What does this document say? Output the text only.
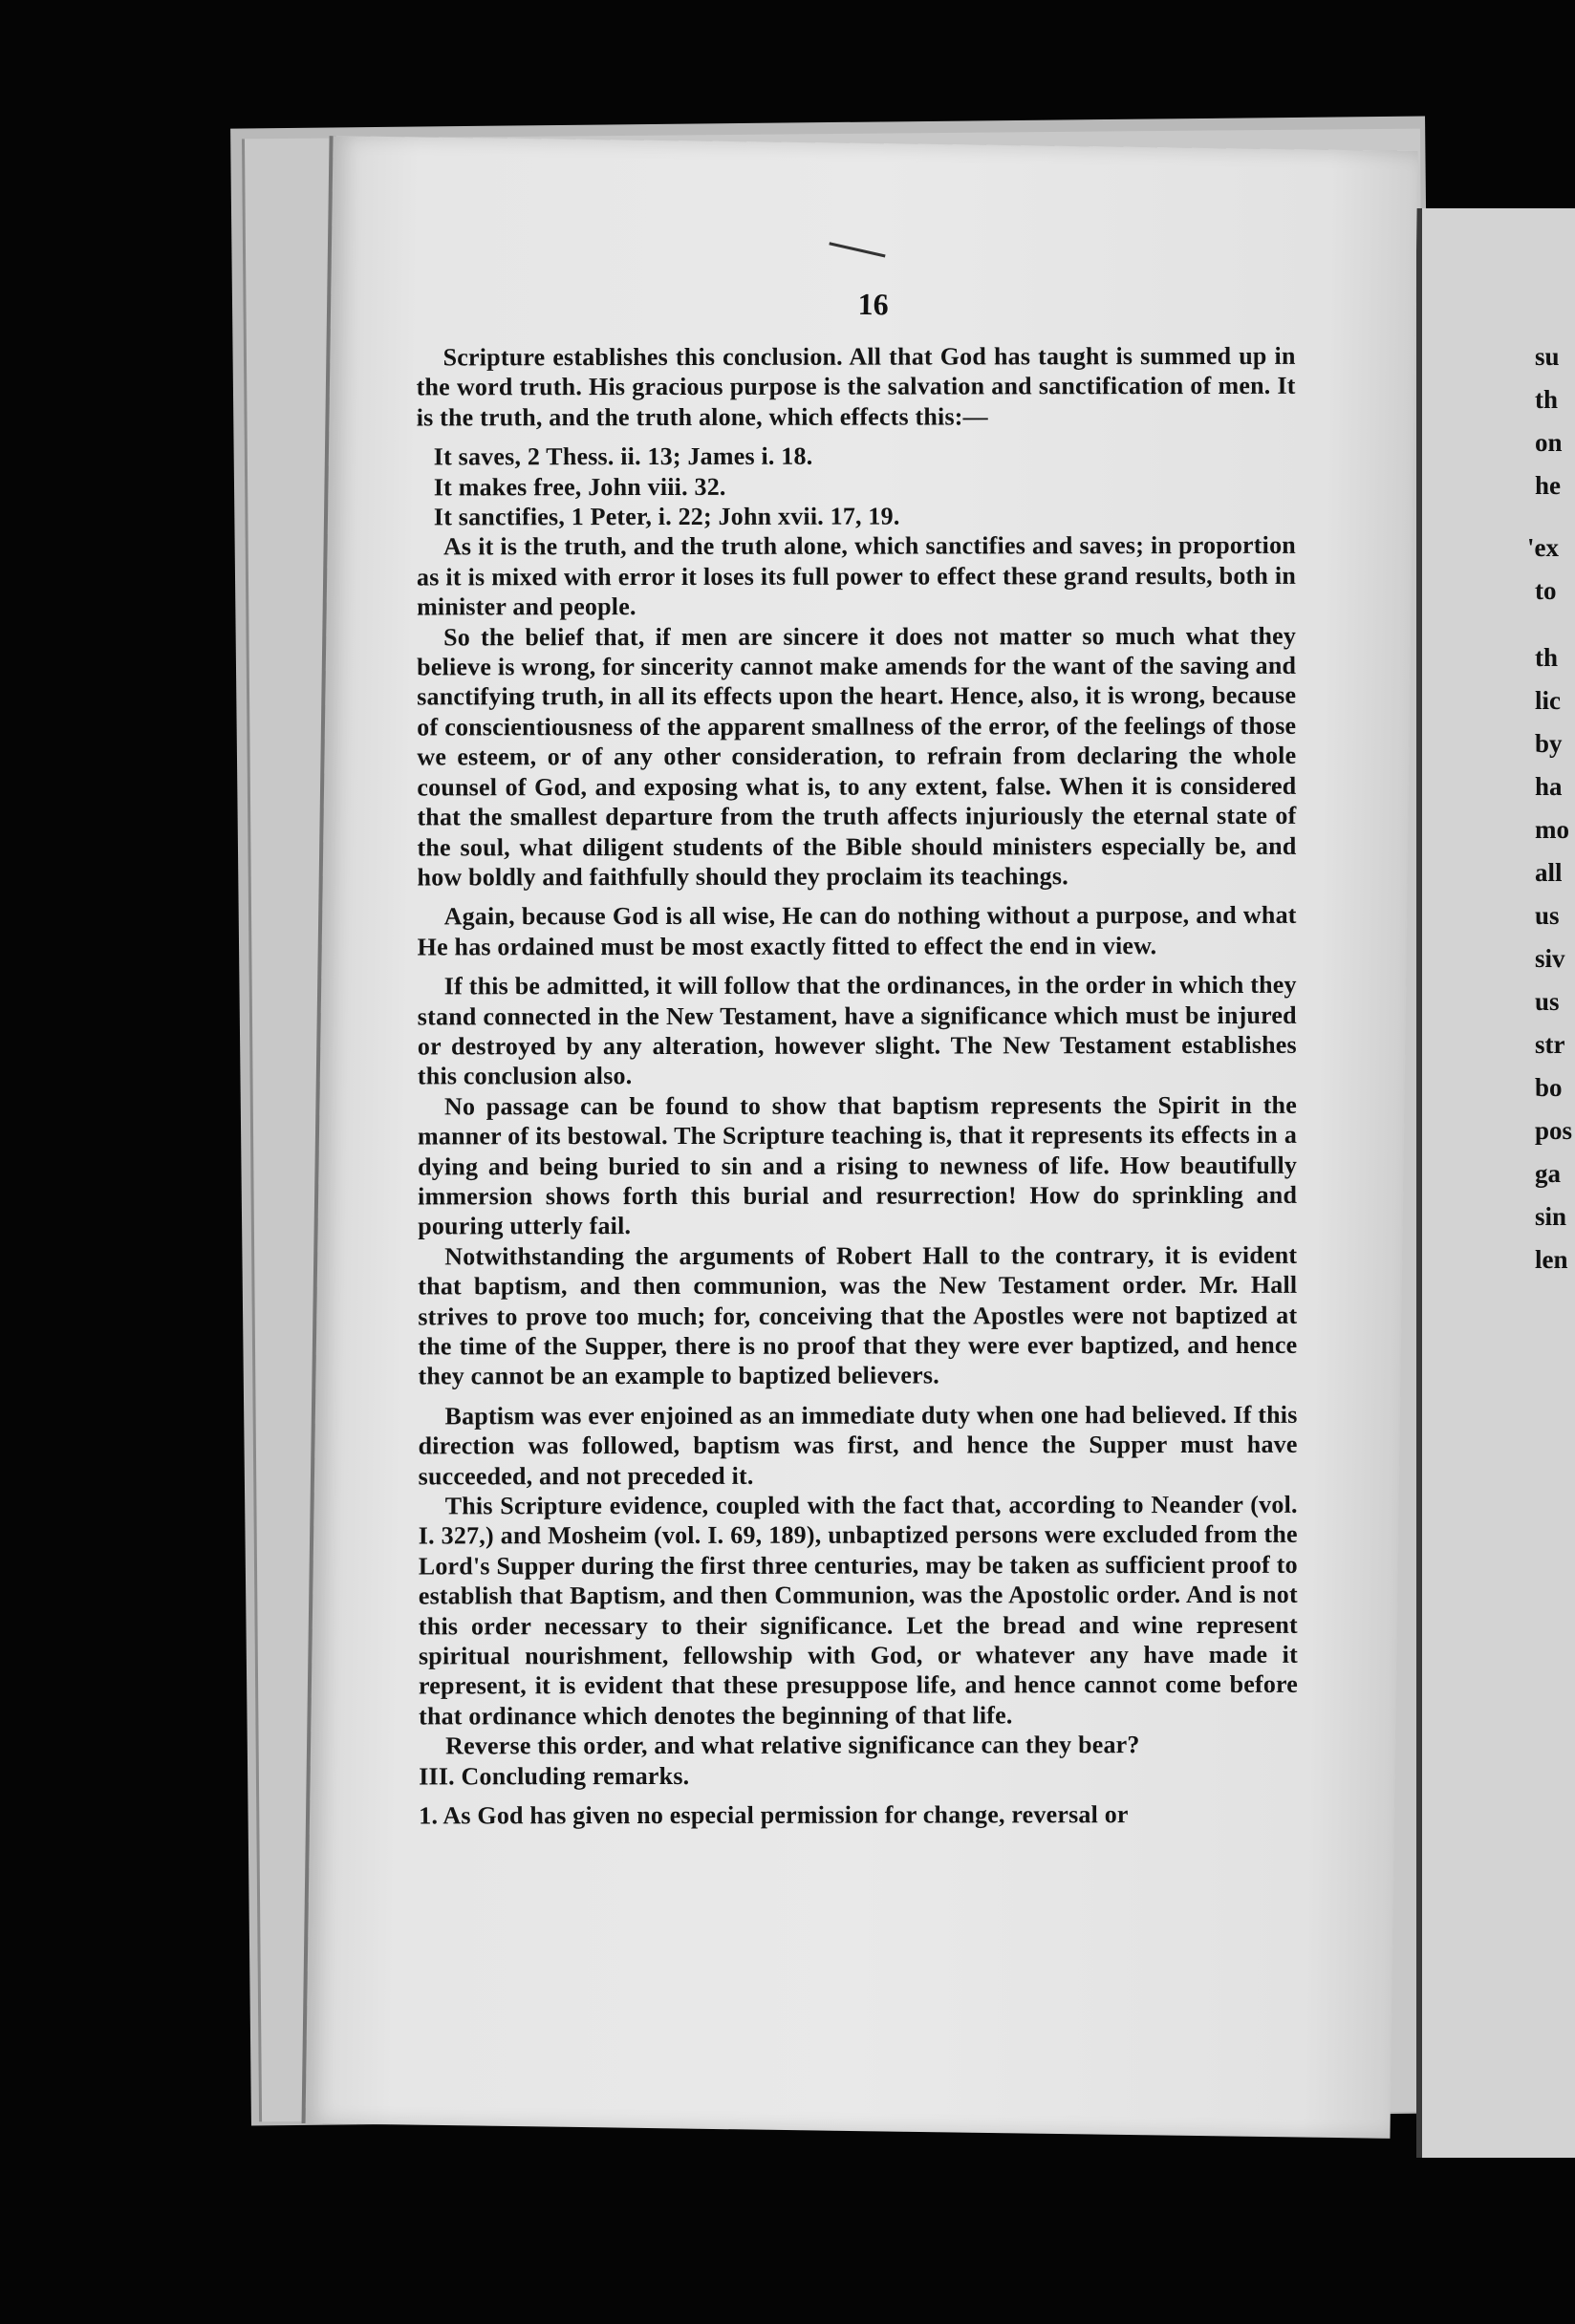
su
th
on
he
'ex
to
th
lic
by
ha
mo
all
us
siv
us
str
bo
pos
ga
sin
len
16

Scripture establishes this conclusion. All that God has taught is summed up in the word truth. His gracious purpose is the salvation and sanctification of men. It is the truth, and the truth alone, which effects this:—

It saves, 2 Thess. ii. 13; James i. 18.

It makes free, John viii. 32.

It sanctifies, 1 Peter, i. 22; John xvii. 17, 19.

As it is the truth, and the truth alone, which sanctifies and saves; in proportion as it is mixed with error it loses its full power to effect these grand results, both in minister and people.

So the belief that, if men are sincere it does not matter so much what they believe is wrong, for sincerity cannot make amends for the want of the saving and sanctifying truth, in all its effects upon the heart. Hence, also, it is wrong, because of conscientiousness of the apparent smallness of the error, of the feelings of those we esteem, or of any other consideration, to refrain from declaring the whole counsel of God, and exposing what is, to any extent, false. When it is considered that the smallest departure from the truth affects injuriously the eternal state of the soul, what diligent students of the Bible should ministers especially be, and how boldly and faithfully should they proclaim its teachings.

Again, because God is all wise, He can do nothing without a purpose, and what He has ordained must be most exactly fitted to effect the end in view.

If this be admitted, it will follow that the ordinances, in the order in which they stand connected in the New Testament, have a significance which must be injured or destroyed by any alteration, however slight. The New Testament establishes this conclusion also.

No passage can be found to show that baptism represents the Spirit in the manner of its bestowal. The Scripture teaching is, that it represents its effects in a dying and being buried to sin and a rising to newness of life. How beautifully immersion shows forth this burial and resurrection! How do sprinkling and pouring utterly fail.

Notwithstanding the arguments of Robert Hall to the contrary, it is evident that baptism, and then communion, was the New Testament order. Mr. Hall strives to prove too much; for, conceiving that the Apostles were not baptized at the time of the Supper, there is no proof that they were ever baptized, and hence they cannot be an example to baptized believers.

Baptism was ever enjoined as an immediate duty when one had believed. If this direction was followed, baptism was first, and hence the Supper must have succeeded, and not preceded it.

This Scripture evidence, coupled with the fact that, according to Neander (vol. I. 327,) and Mosheim (vol. I. 69, 189), unbaptized persons were excluded from the Lord's Supper during the first three centuries, may be taken as sufficient proof to establish that Baptism, and then Communion, was the Apostolic order. And is not this order necessary to their significance. Let the bread and wine represent spiritual nourishment, fellowship with God, or whatever any have made it represent, it is evident that these presuppose life, and hence cannot come before that ordinance which denotes the beginning of that life.

Reverse this order, and what relative significance can they bear?

III. Concluding remarks.

1. As God has given no especial permission for change, reversal or
